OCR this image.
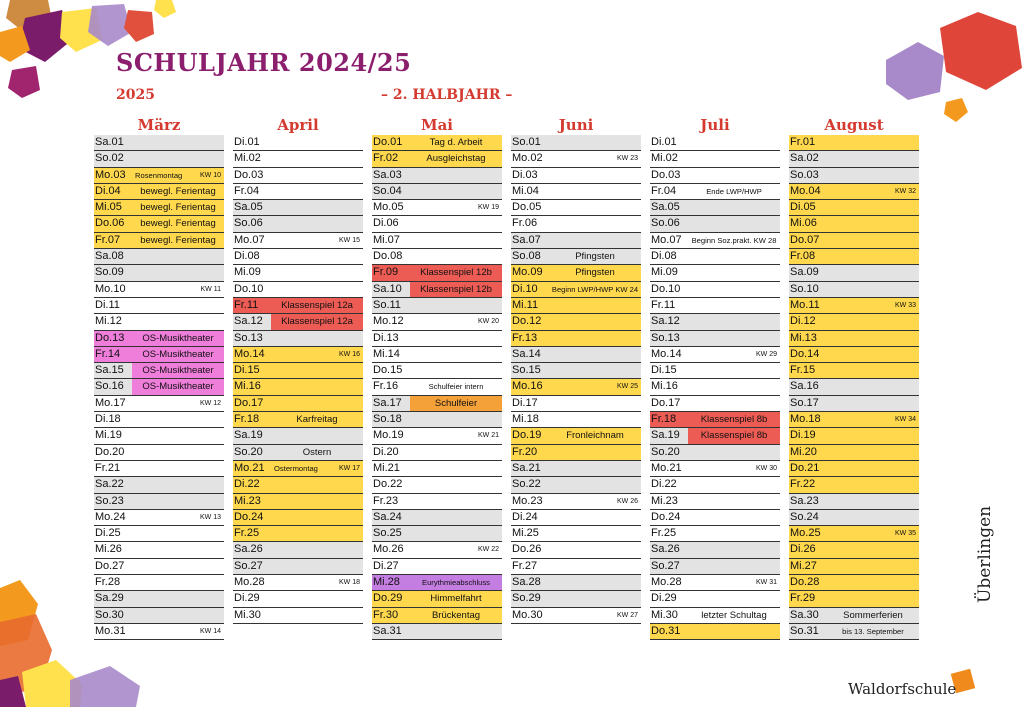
SCHULJAHR 2024/25
2025	– 2. HALBJAHR –
März
Sa.01
So.02
Mo.03	Rosenmontag	KW 10
Di.04	bewegl. Ferientag
Mi.05	bewegl. Ferientag
Do.06	bewegl. Ferientag
Fr.07	bewegl. Ferientag
Sa.08
So.09
Mo.10	KW 11
Di.11
Mi.12
Do.13	OS-Musiktheater
Fr.14	OS-Musiktheater
Sa.15	OS-Musiktheater
So.16	OS-Musiktheater
Mo.17	KW 12
Di.18
Mi.19
Do.20
Fr.21
Sa.22
So.23
Mo.24	KW 13
Di.25
Mi.26
Do.27
Fr.28
Sa.29
So.30
Mo.31	KW 14
April
Di.01
Mi.02
Do.03
Fr.04
Sa.05
So.06
Mo.07	KW 15
Di.08
Mi.09
Do.10
Fr.11	Klassenspiel 12a
Sa.12	Klassenspiel 12a
So.13
Mo.14	KW 16
Di.15
Mi.16
Do.17
Fr.18	Karfreitag
Sa.19
So.20	Ostern
Mo.21	Ostermontag	KW 17
Di.22
Mi.23
Do.24
Fr.25
Sa.26
So.27
Mo.28	KW 18
Di.29
Mi.30
Mai
Do.01	Tag d. Arbeit
Fr.02	Ausgleichstag
Sa.03
So.04
Mo.05	KW 19
Di.06
Mi.07
Do.08
Fr.09	Klassenspiel 12b
Sa.10	Klassenspiel 12b
So.11
Mo.12	KW 20
Di.13
Mi.14
Do.15
Fr.16	Schulfeier intern
Sa.17	Schulfeier
So.18
Mo.19	KW 21
Di.20
Mi.21
Do.22
Fr.23
Sa.24
So.25
Mo.26	KW 22
Di.27
Mi.28	Eurythmieabschluss
Do.29	Himmelfahrt
Fr.30	Brückentag
Sa.31
Juni
So.01
Mo.02	KW 23
Di.03
Mi.04
Do.05
Fr.06
Sa.07
So.08	Pfingsten
Mo.09	Pfingsten
Di.10	Beginn LWP/HWP KW 24
Mi.11
Do.12
Fr.13
Sa.14
So.15
Mo.16	KW 25
Di.17
Mi.18
Do.19	Fronleichnam
Fr.20
Sa.21
So.22
Mo.23	KW 26
Di.24
Mi.25
Do.26
Fr.27
Sa.28
So.29
Mo.30	KW 27
Juli
Di.01
Mi.02
Do.03
Fr.04	Ende LWP/HWP
Sa.05
So.06
Mo.07	Beginn Soz.prakt. KW 28
Di.08
Mi.09
Do.10
Fr.11
Sa.12
So.13
Mo.14	KW 29
Di.15
Mi.16
Do.17
Fr.18	Klassenspiel 8b
Sa.19	Klassenspiel 8b
So.20
Mo.21	KW 30
Di.22
Mi.23
Do.24
Fr.25
Sa.26
So.27
Mo.28	KW 31
Di.29
Mi.30	letzter Schultag
Do.31
August
Fr.01
Sa.02
So.03
Mo.04	KW 32
Di.05
Mi.06
Do.07
Fr.08
Sa.09
So.10
Mo.11	KW 33
Di.12
Mi.13
Do.14
Fr.15
Sa.16
So.17
Mo.18	KW 34
Di.19
Mi.20
Do.21
Fr.22
Sa.23
So.24
Mo.25	KW 35
Di.26
Mi.27
Do.28
Fr.29
Sa.30	Sommerferien
So.31	bis 13. September
Waldorfschule
Überlingen
